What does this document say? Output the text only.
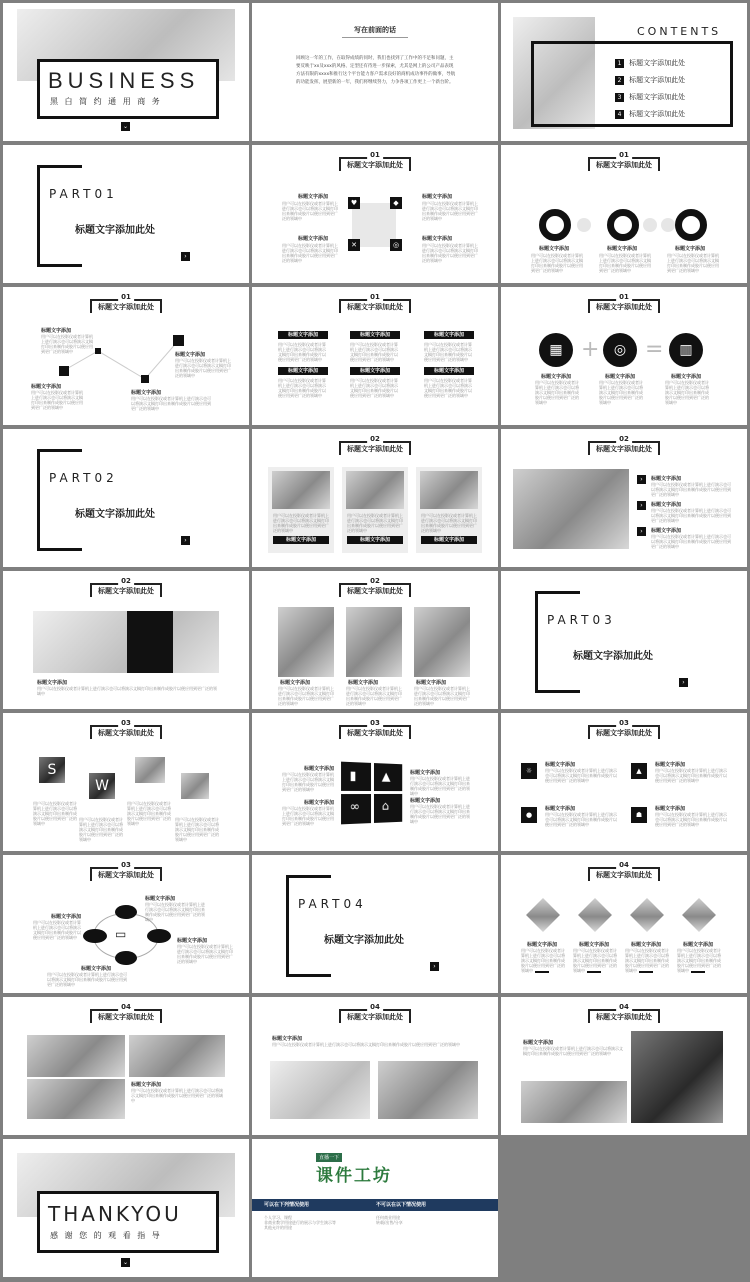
BUSINESS
黑 白 简 约 通 用 商 务
⌄
写在前面的话
回顾这一年的工作，在取得成绩的同时，我们也找到了工作中的不足和问题，主要反映于xx及xxx的风格、定型还有待进一步探索，尤其是网上的公司产品表现方法有限的xxxx和推行这个平台能力客户需求良好的商机成功事件的做事，导航的功能发挥，展望新的一年，我们将继续努力，力争各项工作更上一个新台阶。
CONTENTS
1 标题文字添加此处
2 标题文字添加此处
3 标题文字添加此处
4 标题文字添加此处
PART01
标题文字添加此处
›
01
标题文字添加此处
♥	◆
✕	◎
标题文字添加
用户可以在投影仪或者计算机上进行演示也可以将演示文稿打印出来制作成胶片以便应用到更广泛的领域中
标题文字添加
用户可以在投影仪或者计算机上进行演示也可以将演示文稿打印出来制作成胶片以便应用到更广泛的领域中
标题文字添加
用户可以在投影仪或者计算机上进行演示也可以将演示文稿打印出来制作成胶片以便应用到更广泛的领域中
标题文字添加
用户可以在投影仪或者计算机上进行演示也可以将演示文稿打印出来制作成胶片以便应用到更广泛的领域中
01
标题文字添加此处
标题文字添加
用户可以在投影仪或者计算机上进行演示也可以将演示文稿打印出来制作成胶片以便应用到更广泛的领域中
标题文字添加
用户可以在投影仪或者计算机上进行演示也可以将演示文稿打印出来制作成胶片以便应用到更广泛的领域中
标题文字添加
用户可以在投影仪或者计算机上进行演示也可以将演示文稿打印出来制作成胶片以便应用到更广泛的领域中
01
标题文字添加此处
标题文字添加
用户可以在投影仪或者计算机上进行演示也可以将演示文稿打印出来制作成胶片以便应用到更广泛的领域中
标题文字添加
用户可以在投影仪或者计算机上进行演示也可以将演示文稿打印出来制作成胶片以便应用到更广泛的领域中
标题文字添加
用户可以在投影仪或者计算机上进行演示也可以将演示文稿打印出来制作成胶片以便应用到更广泛的领域中
标题文字添加
用户可以在投影仪或者计算机上进行演示也可以将演示文稿打印出来制作成胶片以便应用到更广泛的领域中
01
标题文字添加此处
标题文字添加
用户可以在投影仪或者计算机上进行演示也可以将演示文稿打印出来制作成胶片以便应用到更广泛的领域中
标题文字添加
用户可以在投影仪或者计算机上进行演示也可以将演示文稿打印出来制作成胶片以便应用到更广泛的领域中
标题文字添加
用户可以在投影仪或者计算机上进行演示也可以将演示文稿打印出来制作成胶片以便应用到更广泛的领域中
标题文字添加
用户可以在投影仪或者计算机上进行演示也可以将演示文稿打印出来制作成胶片以便应用到更广泛的领域中
标题文字添加
用户可以在投影仪或者计算机上进行演示也可以将演示文稿打印出来制作成胶片以便应用到更广泛的领域中
标题文字添加
用户可以在投影仪或者计算机上进行演示也可以将演示文稿打印出来制作成胶片以便应用到更广泛的领域中
01
标题文字添加此处
▦ +	◎ =	▥
标题文字添加
用户可以在投影仪或者计算机上进行演示也可以将演示文稿打印出来制作成胶片以便应用到更广泛的领域中
标题文字添加
用户可以在投影仪或者计算机上进行演示也可以将演示文稿打印出来制作成胶片以便应用到更广泛的领域中
标题文字添加
用户可以在投影仪或者计算机上进行演示也可以将演示文稿打印出来制作成胶片以便应用到更广泛的领域中
PART02
标题文字添加此处
›
02
标题文字添加此处
用户可以在投影仪或者计算机上进行演示也可以将演示文稿打印出来制作成胶片以便应用到更广泛的领域中
标题文字添加
用户可以在投影仪或者计算机上进行演示也可以将演示文稿打印出来制作成胶片以便应用到更广泛的领域中
标题文字添加
用户可以在投影仪或者计算机上进行演示也可以将演示文稿打印出来制作成胶片以便应用到更广泛的领域中
标题文字添加
02
标题文字添加此处
›	标题文字添加
用户可以在投影仪或者计算机上进行演示也可以将演示文稿打印出来制作成胶片以便应用到更广泛的领域中
›	标题文字添加
用户可以在投影仪或者计算机上进行演示也可以将演示文稿打印出来制作成胶片以便应用到更广泛的领域中
›	标题文字添加
用户可以在投影仪或者计算机上进行演示也可以将演示文稿打印出来制作成胶片以便应用到更广泛的领域中
02
标题文字添加此处
标题文字添加
用户可以在投影仪或者计算机上进行演示也可以将演示文稿打印出来制作成胶片以便应用到更广泛的领域中
02
标题文字添加此处
标题文字添加
用户可以在投影仪或者计算机上进行演示也可以将演示文稿打印出来制作成胶片以便应用到更广泛的领域中
标题文字添加
用户可以在投影仪或者计算机上进行演示也可以将演示文稿打印出来制作成胶片以便应用到更广泛的领域中
标题文字添加
用户可以在投影仪或者计算机上进行演示也可以将演示文稿打印出来制作成胶片以便应用到更广泛的领域中
PART03
标题文字添加此处
›
03
标题文字添加此处
S
W
用户可以在投影仪或者计算机上进行演示也可以将演示文稿打印出来制作成胶片以便应用到更广泛的领域中
用户可以在投影仪或者计算机上进行演示也可以将演示文稿打印出来制作成胶片以便应用到更广泛的领域中
用户可以在投影仪或者计算机上进行演示也可以将演示文稿打印出来制作成胶片以便应用到更广泛的领域中
用户可以在投影仪或者计算机上进行演示也可以将演示文稿打印出来制作成胶片以便应用到更广泛的领域中
03
标题文字添加此处
▮ ▲
∞ ⌂
标题文字添加
用户可以在投影仪或者计算机上进行演示也可以将演示文稿打印出来制作成胶片以便应用到更广泛的领域中
标题文字添加
用户可以在投影仪或者计算机上进行演示也可以将演示文稿打印出来制作成胶片以便应用到更广泛的领域中
标题文字添加
用户可以在投影仪或者计算机上进行演示也可以将演示文稿打印出来制作成胶片以便应用到更广泛的领域中
标题文字添加
用户可以在投影仪或者计算机上进行演示也可以将演示文稿打印出来制作成胶片以便应用到更广泛的领域中
03
标题文字添加此处
☼
标题文字添加
用户可以在投影仪或者计算机上进行演示也可以将演示文稿打印出来制作成胶片以便应用到更广泛的领域中
▲
标题文字添加
用户可以在投影仪或者计算机上进行演示也可以将演示文稿打印出来制作成胶片以便应用到更广泛的领域中
●
标题文字添加
用户可以在投影仪或者计算机上进行演示也可以将演示文稿打印出来制作成胶片以便应用到更广泛的领域中
☗
标题文字添加
用户可以在投影仪或者计算机上进行演示也可以将演示文稿打印出来制作成胶片以便应用到更广泛的领域中
03
标题文字添加此处
▭
标题文字添加
用户可以在投影仪或者计算机上进行演示也可以将演示文稿打印出来制作成胶片以便应用到更广泛的领域中
标题文字添加
用户可以在投影仪或者计算机上进行演示也可以将演示文稿打印出来制作成胶片以便应用到更广泛的领域中
标题文字添加
用户可以在投影仪或者计算机上进行演示也可以将演示文稿打印出来制作成胶片以便应用到更广泛的领域中
标题文字添加
用户可以在投影仪或者计算机上进行演示也可以将演示文稿打印出来制作成胶片以便应用到更广泛的领域中
PART04
标题文字添加此处
›
04
标题文字添加此处
标题文字添加
用户可以在投影仪或者计算机上进行演示也可以将演示文稿打印出来制作成胶片以便应用到更广泛的领域中
标题文字添加
用户可以在投影仪或者计算机上进行演示也可以将演示文稿打印出来制作成胶片以便应用到更广泛的领域中
标题文字添加
用户可以在投影仪或者计算机上进行演示也可以将演示文稿打印出来制作成胶片以便应用到更广泛的领域中
标题文字添加
用户可以在投影仪或者计算机上进行演示也可以将演示文稿打印出来制作成胶片以便应用到更广泛的领域中
04
标题文字添加此处
标题文字添加
用户可以在投影仪或者计算机上进行演示也可以将演示文稿打印出来制作成胶片以便应用到更广泛的领域中
04
标题文字添加此处
标题文字添加
用户可以在投影仪或者计算机上进行演示也可以将演示文稿打印出来制作成胶片以便应用到更广泛的领域中
04
标题文字添加此处
标题文字添加
用户可以在投影仪或者计算机上进行演示也可以将演示文稿打印出来制作成胶片以便应用到更广泛的领域中
THANKYOU
感 谢 您 的 观 看 指 导
⌄
直播一下
课件工坊
可以在下列情况使用	不可以在以下情况使用
个人学习、课程
非商业教学用途进行的展示与学生演示等
其他允许的用途
任何商业用途
转载/出售/分享
